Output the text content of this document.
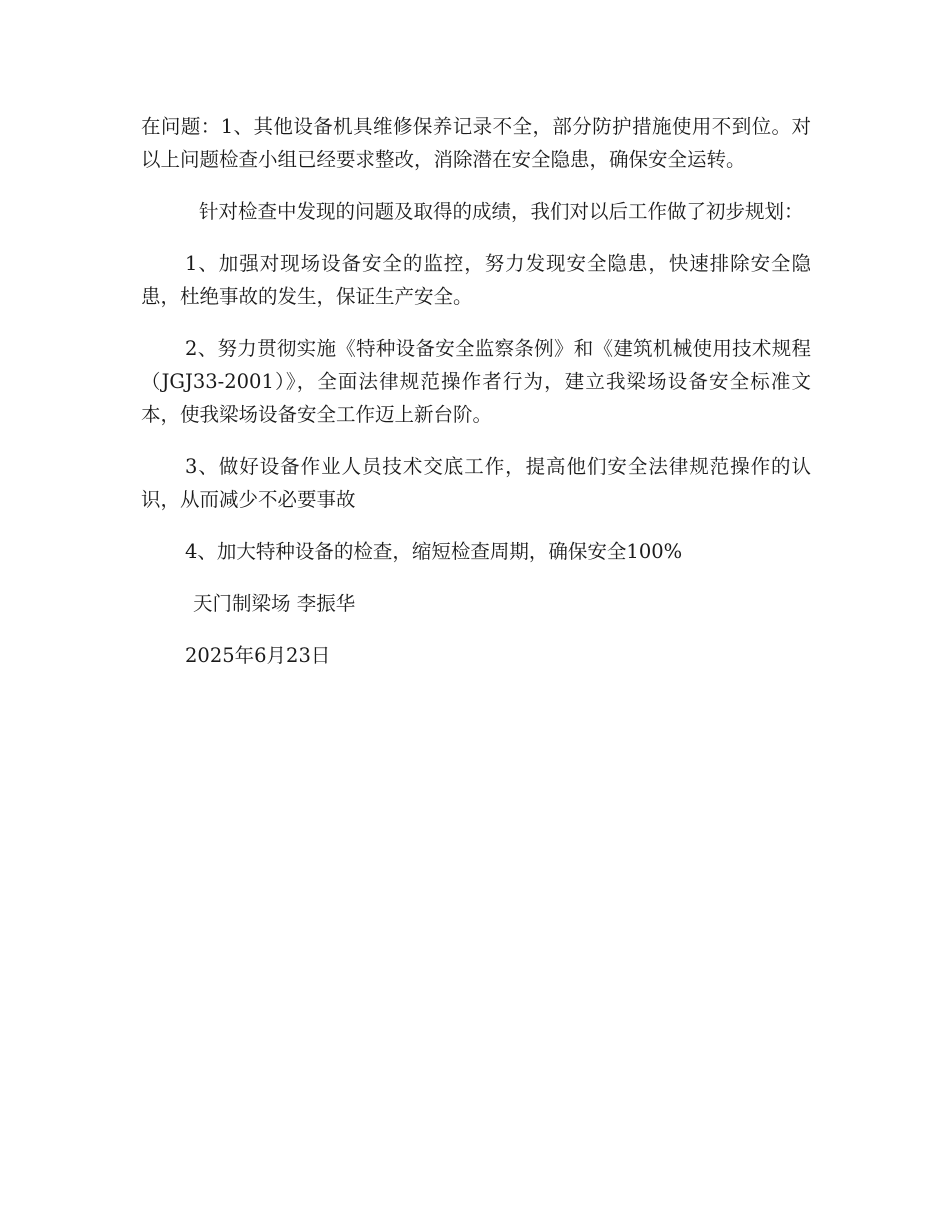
在问题：1、其他设备机具维修保养记录不全，部分防护措施使用不到位。对以上问题检查小组已经要求整改，消除潜在安全隐患，确保安全运转。

针对检查中发现的问题及取得的成绩，我们对以后工作做了初步规划：

1、加强对现场设备安全的监控，努力发现安全隐患，快速排除安全隐患，杜绝事故的发生，保证生产安全。

2、努力贯彻实施《特种设备安全监察条例》和《建筑机械使用技术规程（JGJ33-2001）》，全面法律规范操作者行为，建立我梁场设备安全标准文本，使我梁场设备安全工作迈上新台阶。

3、做好设备作业人员技术交底工作，提高他们安全法律规范操作的认识，从而减少不必要事故

4、加大特种设备的检查，缩短检查周期，确保安全100%

天门制梁场 李振华

2025年6月23日
